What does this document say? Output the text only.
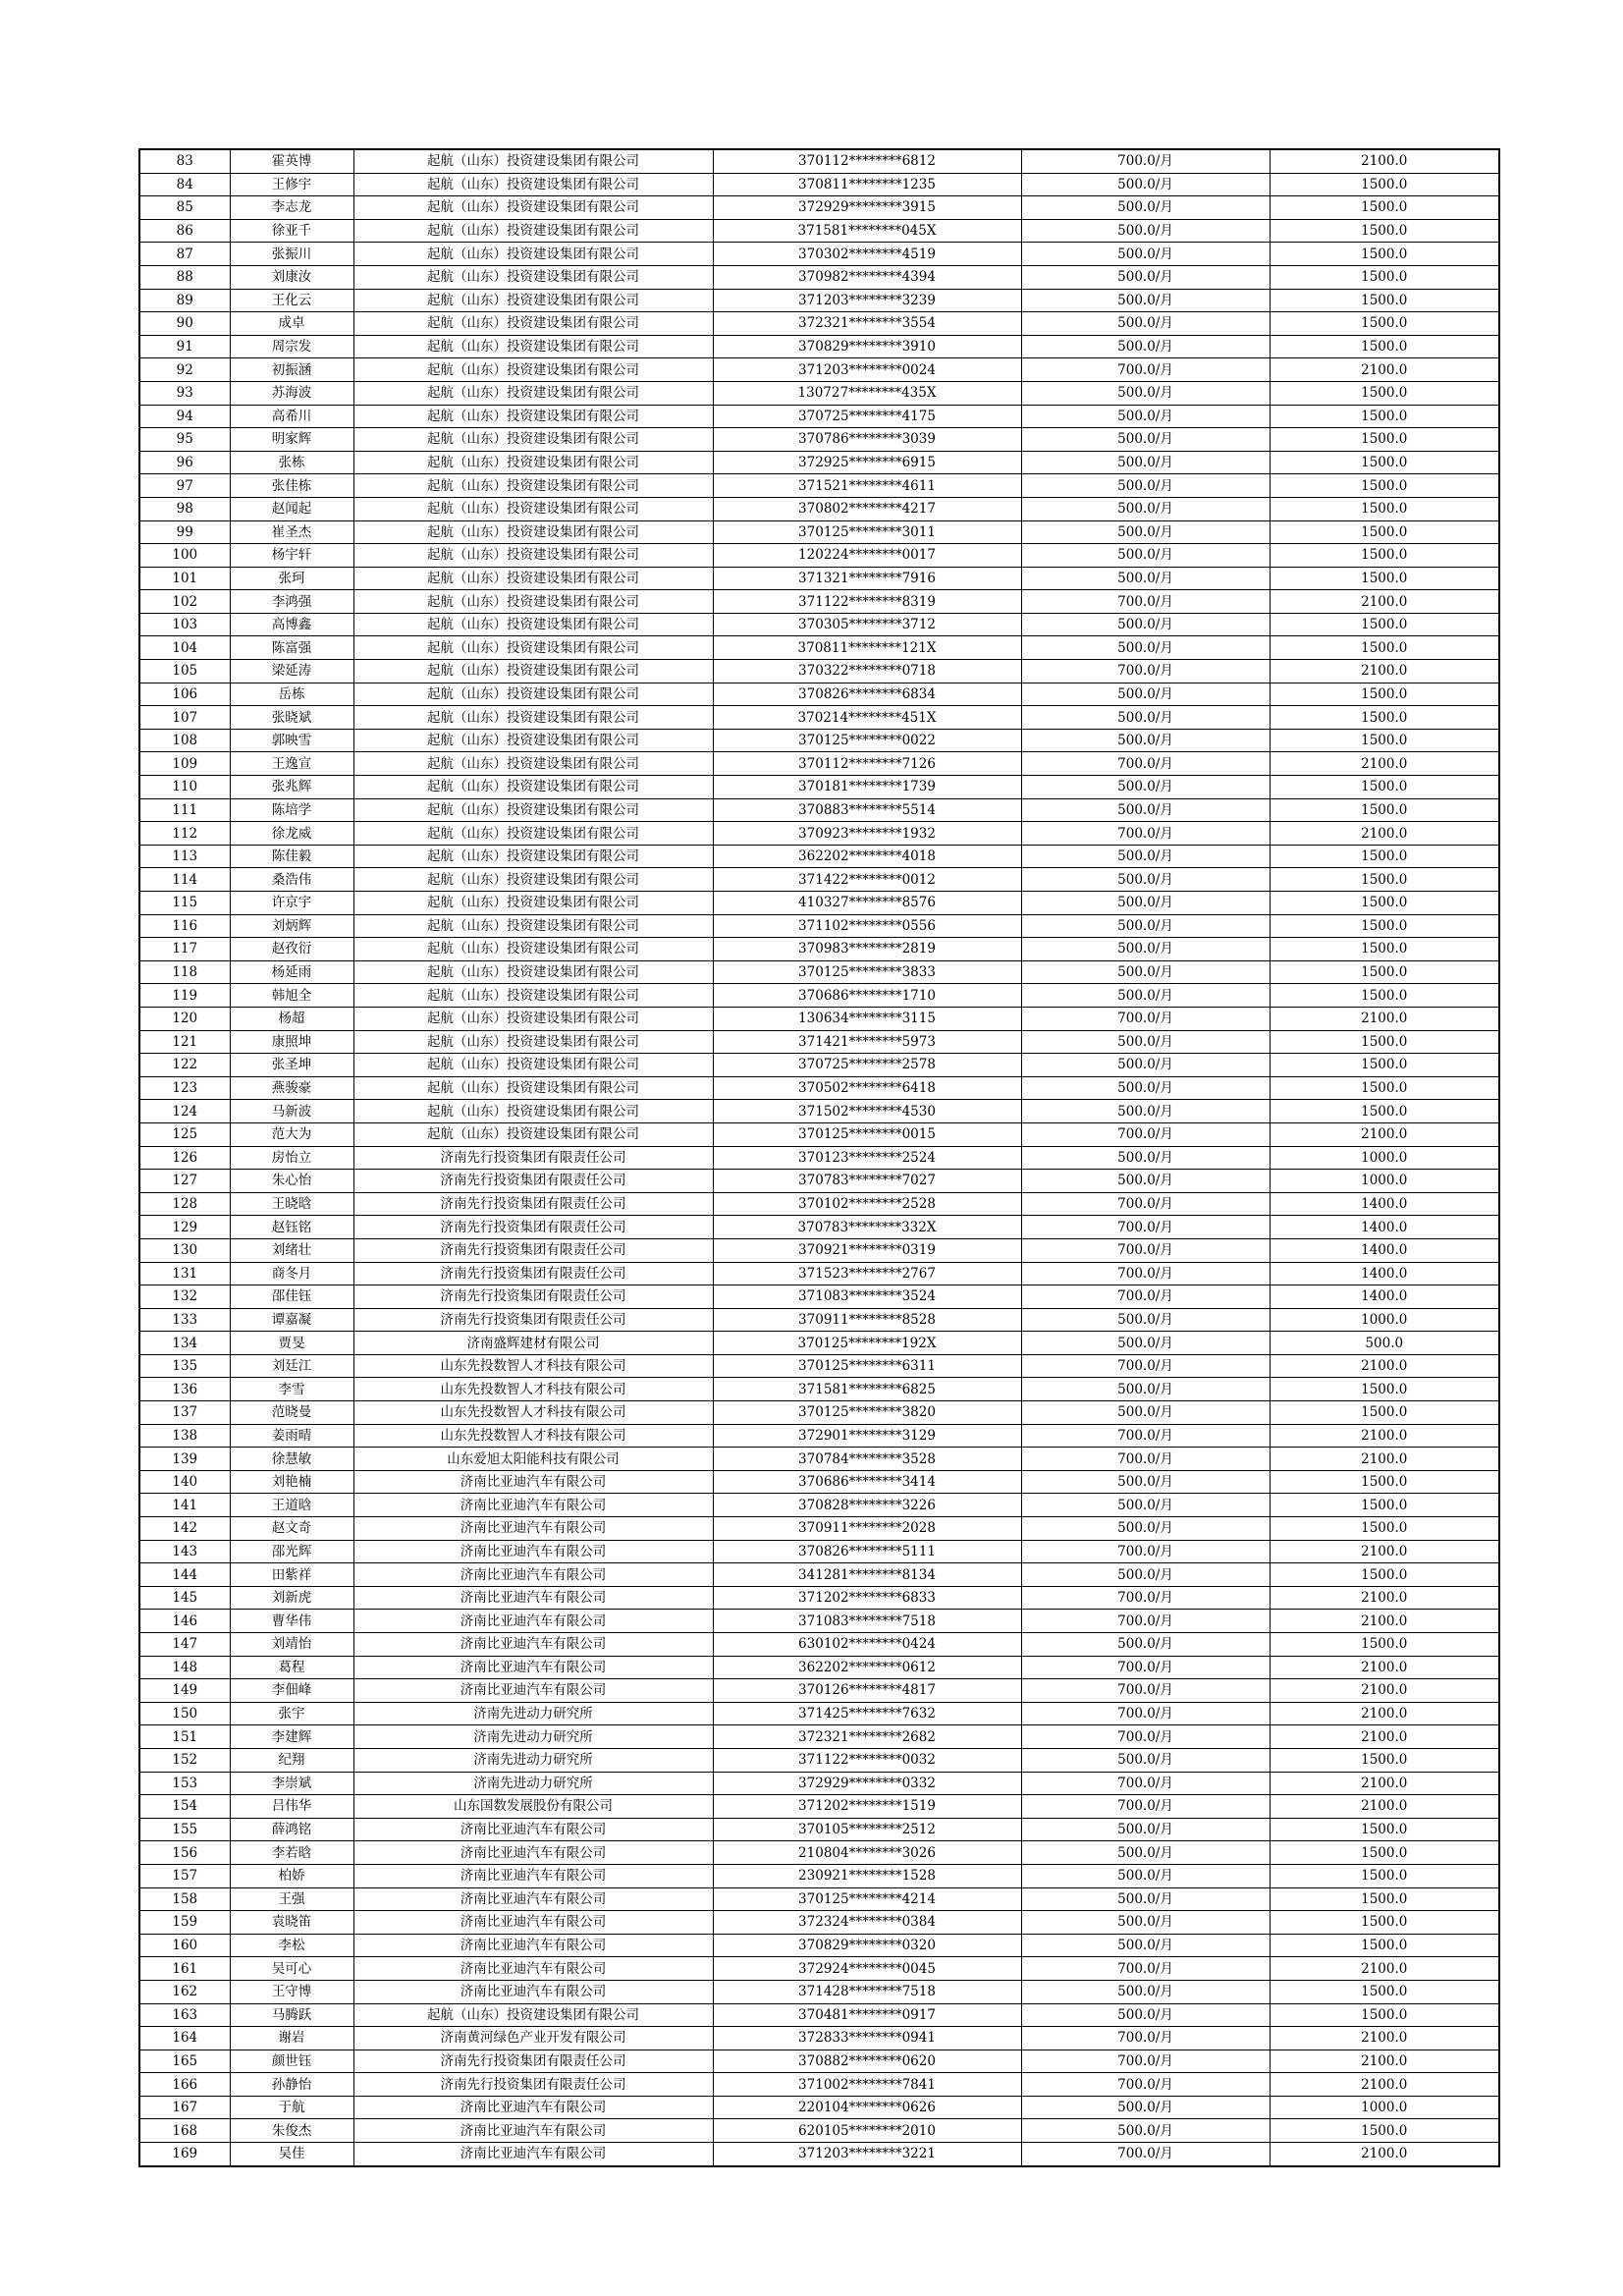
83	霍英博	起航（山东）投资建设集团有限公司	370112********6812	700.0/月	2100.0
84	王修宇	起航（山东）投资建设集团有限公司	370811********1235	500.0/月	1500.0
85	李志龙	起航（山东）投资建设集团有限公司	372929********3915	500.0/月	1500.0
86	徐亚千	起航（山东）投资建设集团有限公司	371581********045X	500.0/月	1500.0
87	张振川	起航（山东）投资建设集团有限公司	370302********4519	500.0/月	1500.0
88	刘康汝	起航（山东）投资建设集团有限公司	370982********4394	500.0/月	1500.0
89	王化云	起航（山东）投资建设集团有限公司	371203********3239	500.0/月	1500.0
90	成卓	起航（山东）投资建设集团有限公司	372321********3554	500.0/月	1500.0
91	周宗发	起航（山东）投资建设集团有限公司	370829********3910	500.0/月	1500.0
92	初振涵	起航（山东）投资建设集团有限公司	371203********0024	700.0/月	2100.0
93	苏海波	起航（山东）投资建设集团有限公司	130727********435X	500.0/月	1500.0
94	高希川	起航（山东）投资建设集团有限公司	370725********4175	500.0/月	1500.0
95	明家辉	起航（山东）投资建设集团有限公司	370786********3039	500.0/月	1500.0
96	张栋	起航（山东）投资建设集团有限公司	372925********6915	500.0/月	1500.0
97	张佳栋	起航（山东）投资建设集团有限公司	371521********4611	500.0/月	1500.0
98	赵闻起	起航（山东）投资建设集团有限公司	370802********4217	500.0/月	1500.0
99	崔圣杰	起航（山东）投资建设集团有限公司	370125********3011	500.0/月	1500.0
100	杨宇轩	起航（山东）投资建设集团有限公司	120224********0017	500.0/月	1500.0
101	张珂	起航（山东）投资建设集团有限公司	371321********7916	500.0/月	1500.0
102	李鸿强	起航（山东）投资建设集团有限公司	371122********8319	700.0/月	2100.0
103	高博鑫	起航（山东）投资建设集团有限公司	370305********3712	500.0/月	1500.0
104	陈富强	起航（山东）投资建设集团有限公司	370811********121X	500.0/月	1500.0
105	梁延涛	起航（山东）投资建设集团有限公司	370322********0718	700.0/月	2100.0
106	岳栋	起航（山东）投资建设集团有限公司	370826********6834	500.0/月	1500.0
107	张晓斌	起航（山东）投资建设集团有限公司	370214********451X	500.0/月	1500.0
108	郭映雪	起航（山东）投资建设集团有限公司	370125********0022	500.0/月	1500.0
109	王逸宣	起航（山东）投资建设集团有限公司	370112********7126	700.0/月	2100.0
110	张兆辉	起航（山东）投资建设集团有限公司	370181********1739	500.0/月	1500.0
111	陈培学	起航（山东）投资建设集团有限公司	370883********5514	500.0/月	1500.0
112	徐龙威	起航（山东）投资建设集团有限公司	370923********1932	700.0/月	2100.0
113	陈佳毅	起航（山东）投资建设集团有限公司	362202********4018	500.0/月	1500.0
114	桑浩伟	起航（山东）投资建设集团有限公司	371422********0012	500.0/月	1500.0
115	许京宇	起航（山东）投资建设集团有限公司	410327********8576	500.0/月	1500.0
116	刘炳辉	起航（山东）投资建设集团有限公司	371102********0556	500.0/月	1500.0
117	赵孜衍	起航（山东）投资建设集团有限公司	370983********2819	500.0/月	1500.0
118	杨延雨	起航（山东）投资建设集团有限公司	370125********3833	500.0/月	1500.0
119	韩旭全	起航（山东）投资建设集团有限公司	370686********1710	500.0/月	1500.0
120	杨超	起航（山东）投资建设集团有限公司	130634********3115	700.0/月	2100.0
121	康照坤	起航（山东）投资建设集团有限公司	371421********5973	500.0/月	1500.0
122	张圣坤	起航（山东）投资建设集团有限公司	370725********2578	500.0/月	1500.0
123	燕骏豪	起航（山东）投资建设集团有限公司	370502********6418	500.0/月	1500.0
124	马新波	起航（山东）投资建设集团有限公司	371502********4530	500.0/月	1500.0
125	范大为	起航（山东）投资建设集团有限公司	370125********0015	700.0/月	2100.0
126	房怡立	济南先行投资集团有限责任公司	370123********2524	500.0/月	1000.0
127	朱心怡	济南先行投资集团有限责任公司	370783********7027	500.0/月	1000.0
128	王晓晗	济南先行投资集团有限责任公司	370102********2528	700.0/月	1400.0
129	赵钰铭	济南先行投资集团有限责任公司	370783********332X	700.0/月	1400.0
130	刘绪壮	济南先行投资集团有限责任公司	370921********0319	700.0/月	1400.0
131	商冬月	济南先行投资集团有限责任公司	371523********2767	700.0/月	1400.0
132	邵佳钰	济南先行投资集团有限责任公司	371083********3524	700.0/月	1400.0
133	谭嘉凝	济南先行投资集团有限责任公司	370911********8528	500.0/月	1000.0
134	贾旻	济南盛辉建材有限公司	370125********192X	500.0/月	500.0
135	刘廷江	山东先投数智人才科技有限公司	370125********6311	700.0/月	2100.0
136	李雪	山东先投数智人才科技有限公司	371581********6825	500.0/月	1500.0
137	范晓曼	山东先投数智人才科技有限公司	370125********3820	500.0/月	1500.0
138	姜雨晴	山东先投数智人才科技有限公司	372901********3129	700.0/月	2100.0
139	徐慧敏	山东爱旭太阳能科技有限公司	370784********3528	700.0/月	2100.0
140	刘艳楠	济南比亚迪汽车有限公司	370686********3414	500.0/月	1500.0
141	王道晗	济南比亚迪汽车有限公司	370828********3226	500.0/月	1500.0
142	赵文奇	济南比亚迪汽车有限公司	370911********2028	500.0/月	1500.0
143	邵光辉	济南比亚迪汽车有限公司	370826********5111	700.0/月	2100.0
144	田紫祥	济南比亚迪汽车有限公司	341281********8134	500.0/月	1500.0
145	刘新虎	济南比亚迪汽车有限公司	371202********6833	700.0/月	2100.0
146	曹华伟	济南比亚迪汽车有限公司	371083********7518	700.0/月	2100.0
147	刘靖怡	济南比亚迪汽车有限公司	630102********0424	500.0/月	1500.0
148	葛程	济南比亚迪汽车有限公司	362202********0612	700.0/月	2100.0
149	李佃峰	济南比亚迪汽车有限公司	370126********4817	700.0/月	2100.0
150	张宇	济南先进动力研究所	371425********7632	700.0/月	2100.0
151	李建辉	济南先进动力研究所	372321********2682	700.0/月	2100.0
152	纪翔	济南先进动力研究所	371122********0032	500.0/月	1500.0
153	李崇斌	济南先进动力研究所	372929********0332	700.0/月	2100.0
154	吕伟华	山东国数发展股份有限公司	371202********1519	700.0/月	2100.0
155	薛鸿铭	济南比亚迪汽车有限公司	370105********2512	500.0/月	1500.0
156	李若晗	济南比亚迪汽车有限公司	210804********3026	500.0/月	1500.0
157	柏娇	济南比亚迪汽车有限公司	230921********1528	500.0/月	1500.0
158	王强	济南比亚迪汽车有限公司	370125********4214	500.0/月	1500.0
159	袁晓笛	济南比亚迪汽车有限公司	372324********0384	500.0/月	1500.0
160	李松	济南比亚迪汽车有限公司	370829********0320	500.0/月	1500.0
161	吴可心	济南比亚迪汽车有限公司	372924********0045	700.0/月	2100.0
162	王守博	济南比亚迪汽车有限公司	371428********7518	500.0/月	1500.0
163	马腾跃	起航（山东）投资建设集团有限公司	370481********0917	500.0/月	1500.0
164	谢岩	济南黄河绿色产业开发有限公司	372833********0941	700.0/月	2100.0
165	颜世钰	济南先行投资集团有限责任公司	370882********0620	700.0/月	2100.0
166	孙静怡	济南先行投资集团有限责任公司	371002********7841	700.0/月	2100.0
167	于航	济南比亚迪汽车有限公司	220104********0626	500.0/月	1000.0
168	朱俊杰	济南比亚迪汽车有限公司	620105********2010	500.0/月	1500.0
169	吴佳	济南比亚迪汽车有限公司	371203********3221	700.0/月	2100.0
